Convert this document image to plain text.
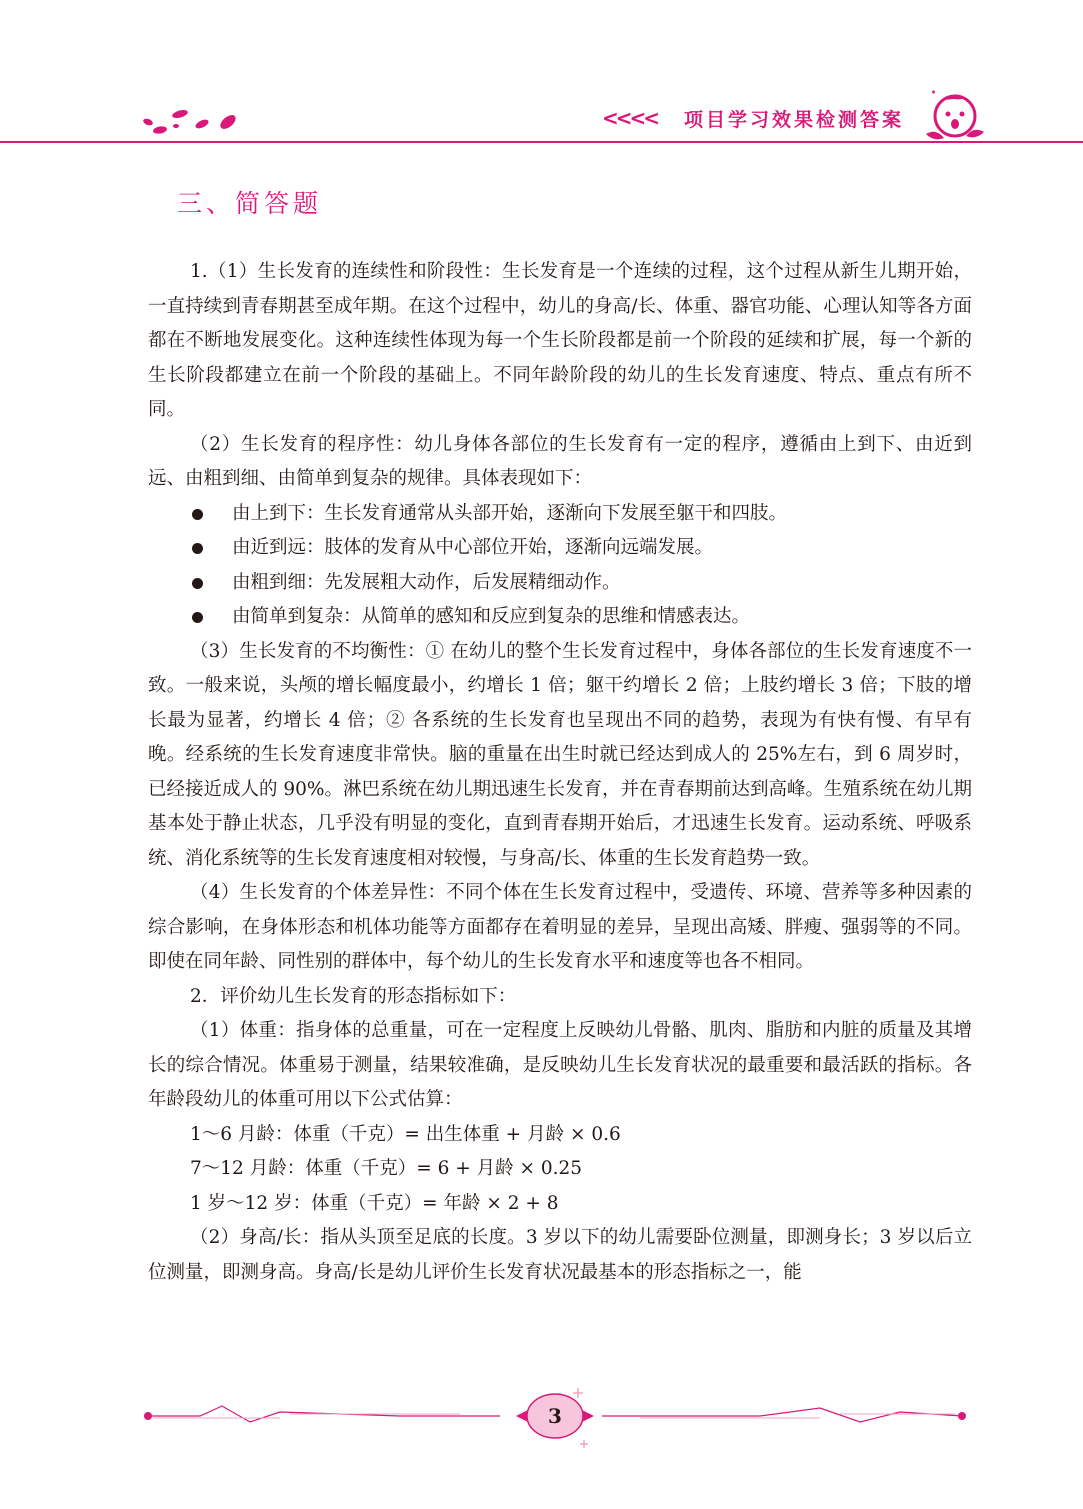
<<<< 项目学习效果检测答案
三、简答题

1.（1）生长发育的连续性和阶段性：生长发育是一个连续的过程，这个过程从新生儿期开始，一直持续到青春期甚至成年期。在这个过程中，幼儿的身高/长、体重、器官功能、心理认知等各方面都在不断地发展变化。这种连续性体现为每一个生长阶段都是前一个阶段的延续和扩展，每一个新的生长阶段都建立在前一个阶段的基础上。不同年龄阶段的幼儿的生长发育速度、特点、重点有所不同。

（2）生长发育的程序性：幼儿身体各部位的生长发育有一定的程序，遵循由上到下、由近到远、由粗到细、由简单到复杂的规律。具体表现如下：

由上到下：生长发育通常从头部开始，逐渐向下发展至躯干和四肢。

由近到远：肢体的发育从中心部位开始，逐渐向远端发展。

由粗到细：先发展粗大动作，后发展精细动作。

由简单到复杂：从简单的感知和反应到复杂的思维和情感表达。

（3）生长发育的不均衡性：① 在幼儿的整个生长发育过程中，身体各部位的生长发育速度不一致。一般来说，头颅的增长幅度最小，约增长 1 倍；躯干约增长 2 倍；上肢约增长 3 倍；下肢的增长最为显著，约增长 4 倍；② 各系统的生长发育也呈现出不同的趋势，表现为有快有慢、有早有晚。经系统的生长发育速度非常快。脑的重量在出生时就已经达到成人的 25%左右，到 6 周岁时，已经接近成人的 90%。淋巴系统在幼儿期迅速生长发育，并在青春期前达到高峰。生殖系统在幼儿期基本处于静止状态，几乎没有明显的变化，直到青春期开始后，才迅速生长发育。运动系统、呼吸系统、消化系统等的生长发育速度相对较慢，与身高/长、体重的生长发育趋势一致。

（4）生长发育的个体差异性：不同个体在生长发育过程中，受遗传、环境、营养等多种因素的综合影响，在身体形态和机体功能等方面都存在着明显的差异，呈现出高矮、胖瘦、强弱等的不同。即使在同年龄、同性别的群体中，每个幼儿的生长发育水平和速度等也各不相同。

2．评价幼儿生长发育的形态指标如下：

（1）体重：指身体的总重量，可在一定程度上反映幼儿骨骼、肌肉、脂肪和内脏的质量及其增长的综合情况。体重易于测量，结果较准确，是反映幼儿生长发育状况的最重要和最活跃的指标。各年龄段幼儿的体重可用以下公式估算：

1～6 月龄：体重（千克）= 出生体重 + 月龄 × 0.6

7～12 月龄：体重（千克）= 6 + 月龄 × 0.25

1 岁～12 岁：体重（千克）= 年龄 × 2 + 8

（2）身高/长：指从头顶至足底的长度。3 岁以下的幼儿需要卧位测量，即测身长；3 岁以后立位测量，即测身高。身高/长是幼儿评价生长发育状况最基本的形态指标之一，能

3
